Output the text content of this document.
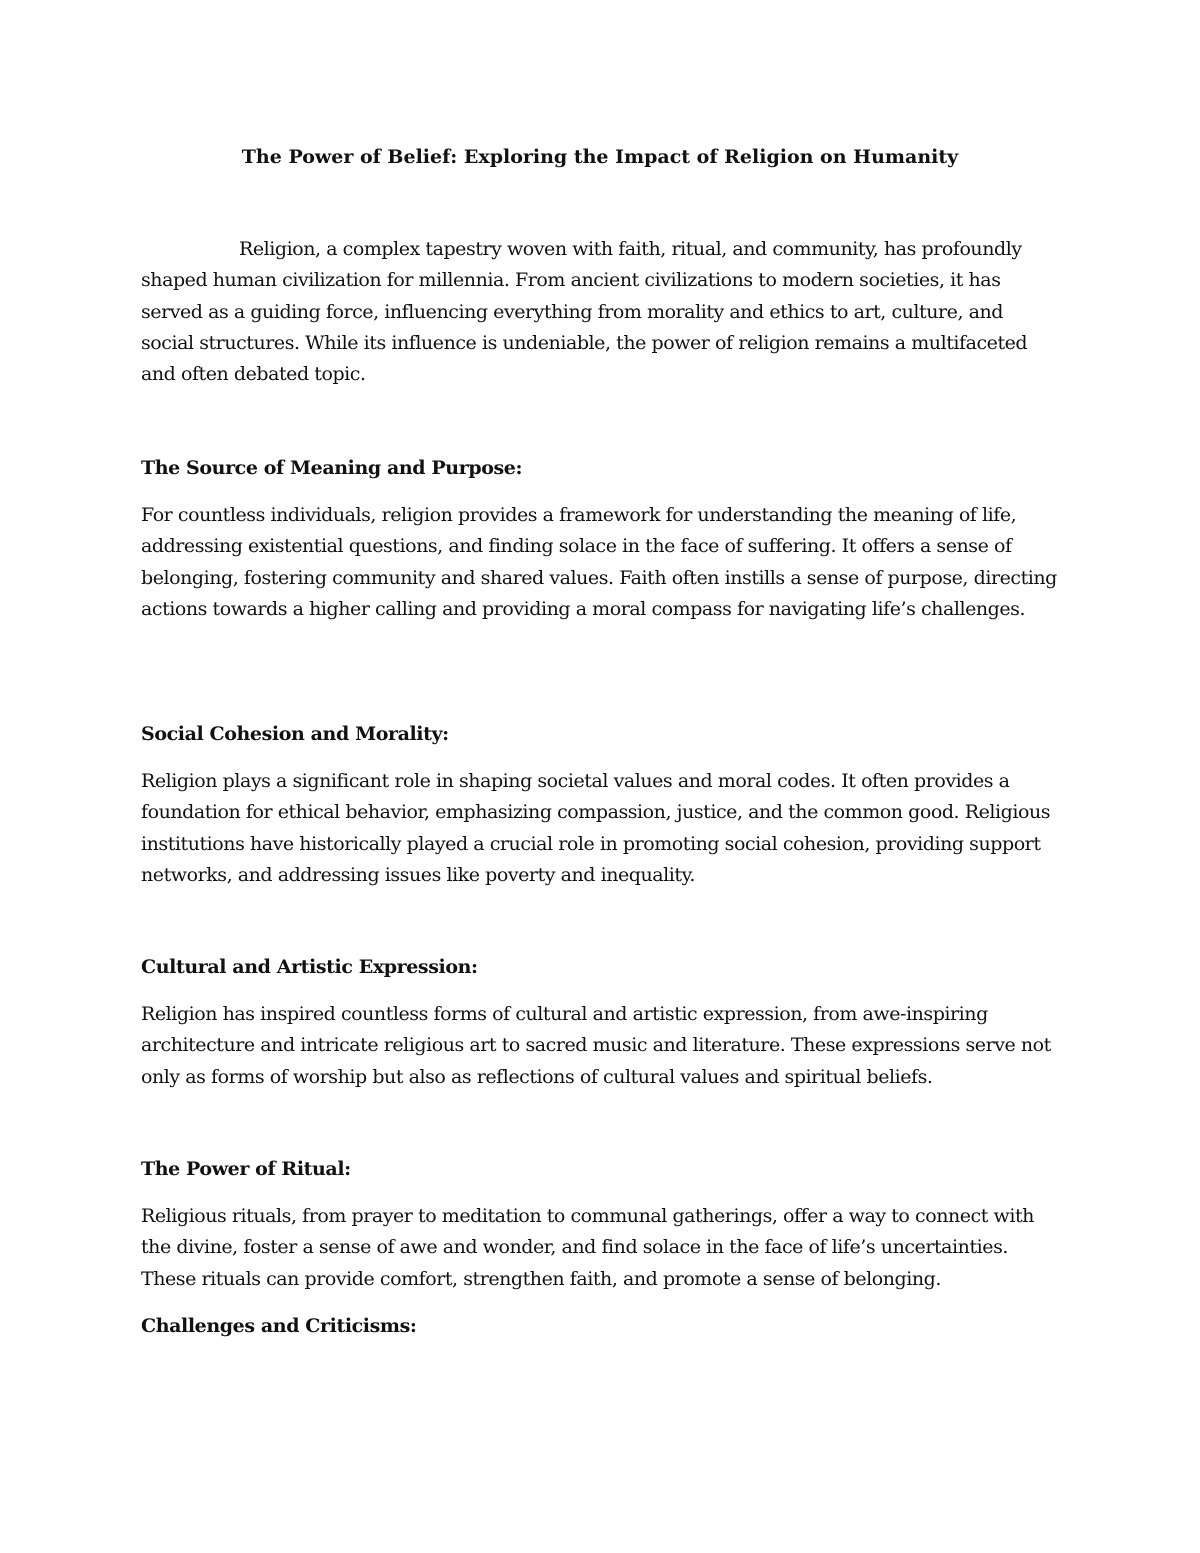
The Power of Belief: Exploring the Impact of Religion on Humanity

Religion, a complex tapestry woven with faith, ritual, and community, has profoundly shaped human civilization for millennia. From ancient civilizations to modern societies, it has served as a guiding force, influencing everything from morality and ethics to art, culture, and social structures. While its influence is undeniable, the power of religion remains a multifaceted and often debated topic.

The Source of Meaning and Purpose:

For countless individuals, religion provides a framework for understanding the meaning of life, addressing existential questions, and finding solace in the face of suffering. It offers a sense of belonging, fostering community and shared values. Faith often instills a sense of purpose, directing actions towards a higher calling and providing a moral compass for navigating life’s challenges.

Social Cohesion and Morality:

Religion plays a significant role in shaping societal values and moral codes. It often provides a foundation for ethical behavior, emphasizing compassion, justice, and the common good. Religious institutions have historically played a crucial role in promoting social cohesion, providing support networks, and addressing issues like poverty and inequality.

Cultural and Artistic Expression:

Religion has inspired countless forms of cultural and artistic expression, from awe-inspiring architecture and intricate religious art to sacred music and literature. These expressions serve not only as forms of worship but also as reflections of cultural values and spiritual beliefs.

The Power of Ritual:

Religious rituals, from prayer to meditation to communal gatherings, offer a way to connect with the divine, foster a sense of awe and wonder, and find solace in the face of life’s uncertainties. These rituals can provide comfort, strengthen faith, and promote a sense of belonging.

Challenges and Criticisms:
